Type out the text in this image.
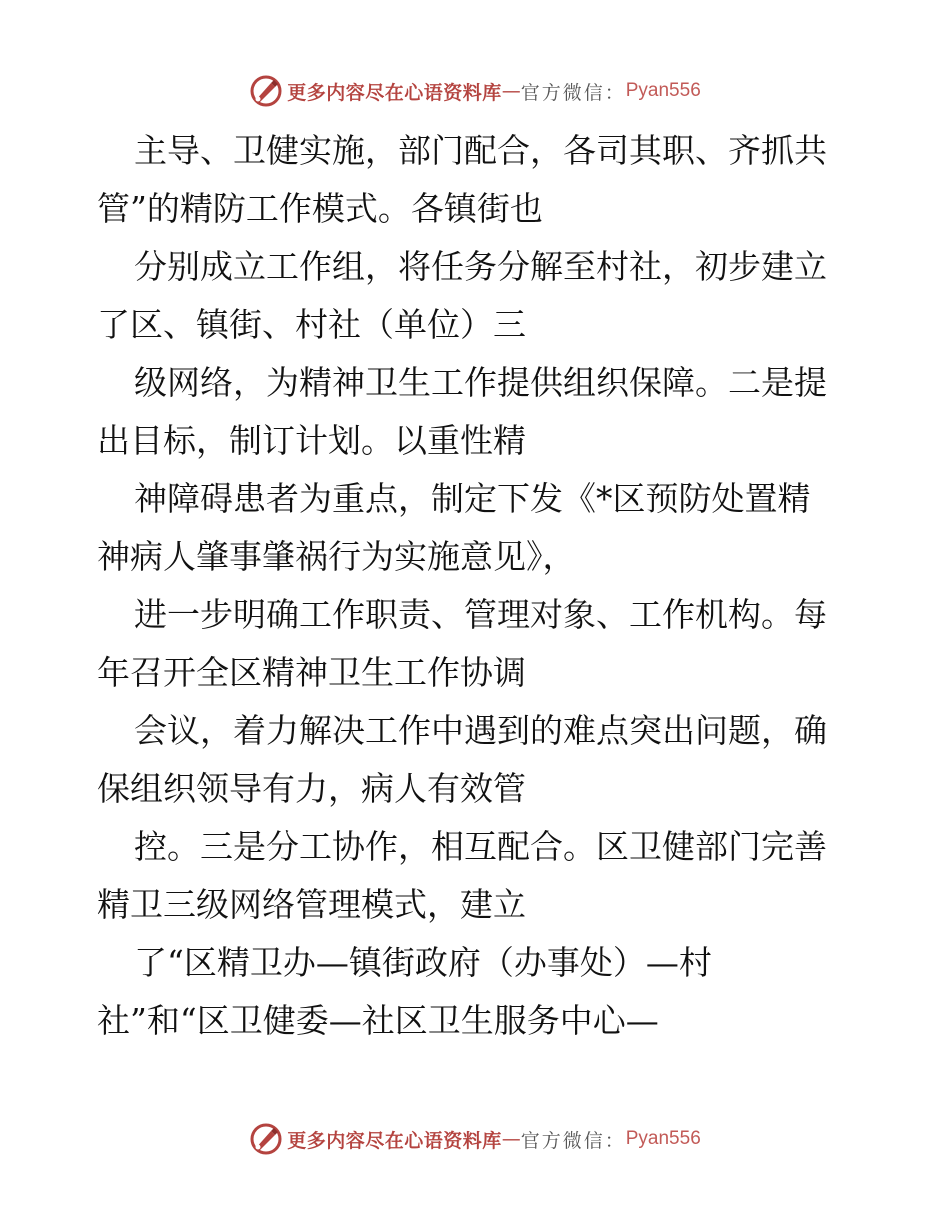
更多内容尽在心语资料库 — 官方微信： Pyan556
主导、卫健实施，部门配合，各司其职、齐抓共
管”的精防工作模式。各镇街也
分别成立工作组，将任务分解至村社，初步建立
了区、镇街、村社（单位）三
级网络，为精神卫生工作提供组织保障。二是提
出目标，制订计划。以重性精
神障碍患者为重点，制定下发《*区预防处置精
神病人肇事肇祸行为实施意见》，
进一步明确工作职责、管理对象、工作机构。每
年召开全区精神卫生工作协调
会议，着力解决工作中遇到的难点突出问题，确
保组织领导有力，病人有效管
控。三是分工协作，相互配合。区卫健部门完善
精卫三级网络管理模式，建立
了“区精卫办—镇街政府（办事处）—村
社”和“区卫健委—社区卫生服务中心—
更多内容尽在心语资料库 — 官方微信： Pyan556
